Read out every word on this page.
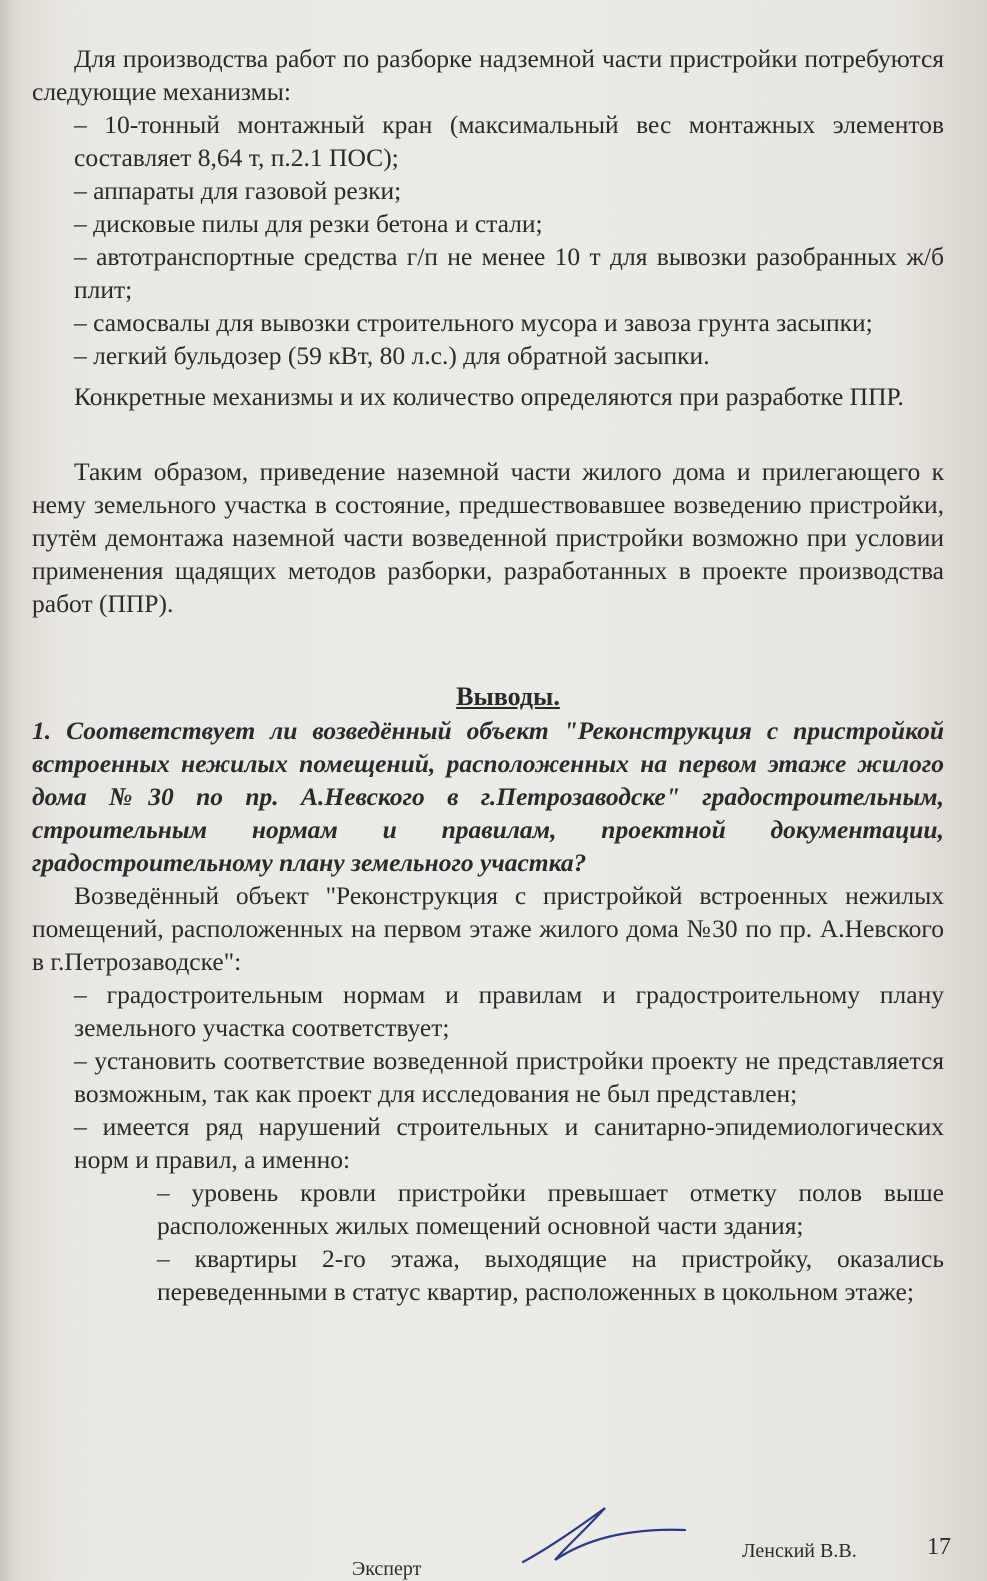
Для производства работ по разборке надземной части пристройки потребуются следующие механизмы:

– 10-тонный монтажный кран (максимальный вес монтажных элементов составляет 8,64 т, п.2.1 ПОС);

– аппараты для газовой резки;

– дисковые пилы для резки бетона и стали;

– автотранспортные средства г/п не менее 10 т для вывозки разобранных ж/б плит;

– самосвалы для вывозки строительного мусора и завоза грунта засыпки;

– легкий бульдозер (59 кВт, 80 л.с.) для обратной засыпки.

Конкретные механизмы и их количество определяются при разработке ППР.

Таким образом, приведение наземной части жилого дома и прилегающего к нему земельного участка в состояние, предшествовавшее возведению пристройки, путём демонтажа наземной части возведенной пристройки возможно при условии применения щадящих методов разборки, разработанных в проекте производства работ (ППР).

Выводы.

1. Соответствует ли возведённый объект "Реконструкция с пристройкой встроенных нежилых помещений, расположенных на первом этаже жилого дома №30 по пр. А.Невского в г.Петрозаводске" градостроительным, строительным нормам и правилам, проектной документации, градостроительному плану земельного участка?

Возведённый объект "Реконструкция с пристройкой встроенных нежилых помещений, расположенных на первом этаже жилого дома №30 по пр. А.Невского в г.Петрозаводске":

– градостроительным нормам и правилам и градостроительному плану земельного участка соответствует;

– установить соответствие возведенной пристройки проекту не представляется возможным, так как проект для исследования не был представлен;

– имеется ряд нарушений строительных и санитарно-эпидемиологических норм и правил, а именно:

– уровень кровли пристройки превышает отметку полов выше расположенных жилых помещений основной части здания;

– квартиры 2-го этажа, выходящие на пристройку, оказались переведенными в статус квартир, расположенных в цокольном этаже;

Эксперт
Ленский В.В.	17
